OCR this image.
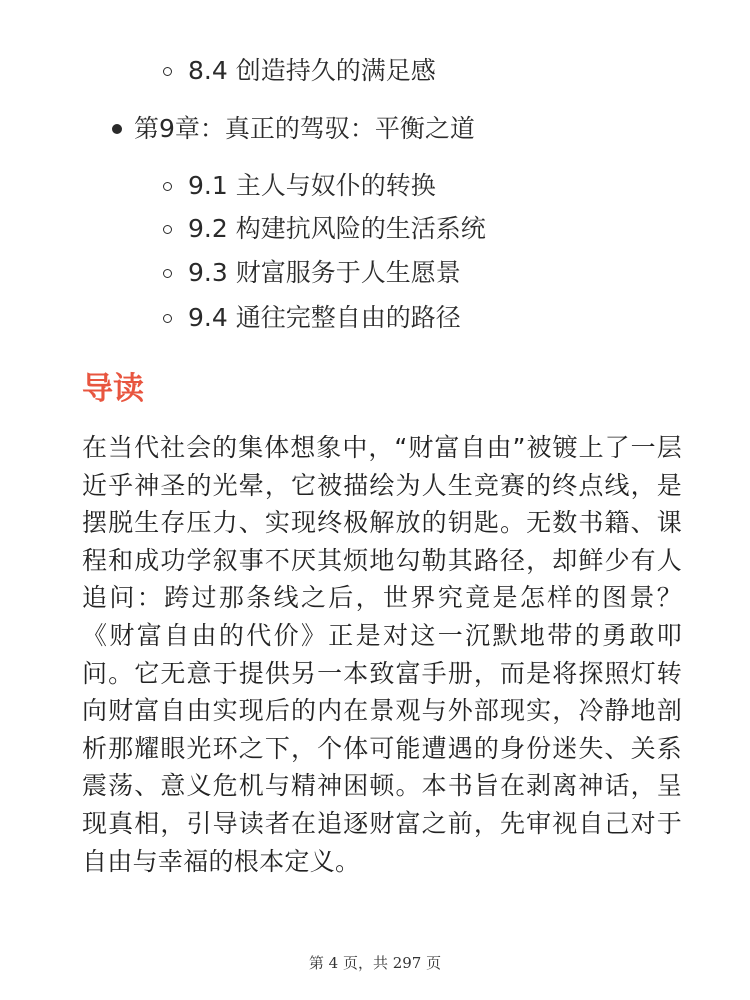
8.4 创造持久的满足感
第9章：真正的驾驭：平衡之道
9.1 主人与奴仆的转换
9.2 构建抗风险的生活系统
9.3 财富服务于人生愿景
9.4 通往完整自由的路径
导读

在当代社会的集体想象中，“财富自由”被镀上了一层近乎神圣的光晕，它被描绘为人生竞赛的终点线，是摆脱生存压力、实现终极解放的钥匙。无数书籍、课程和成功学叙事不厌其烦地勾勒其路径，却鲜少有人追问：跨过那条线之后，世界究竟是怎样的图景？《财富自由的代价》正是对这一沉默地带的勇敢叩问。它无意于提供另一本致富手册，而是将探照灯转向财富自由实现后的内在景观与外部现实，冷静地剖析那耀眼光环之下，个体可能遭遇的身份迷失、关系震荡、意义危机与精神困顿。本书旨在剥离神话，呈现真相，引导读者在追逐财富之前，先审视自己对于自由与幸福的根本定义。

第 4 页，共 297 页
